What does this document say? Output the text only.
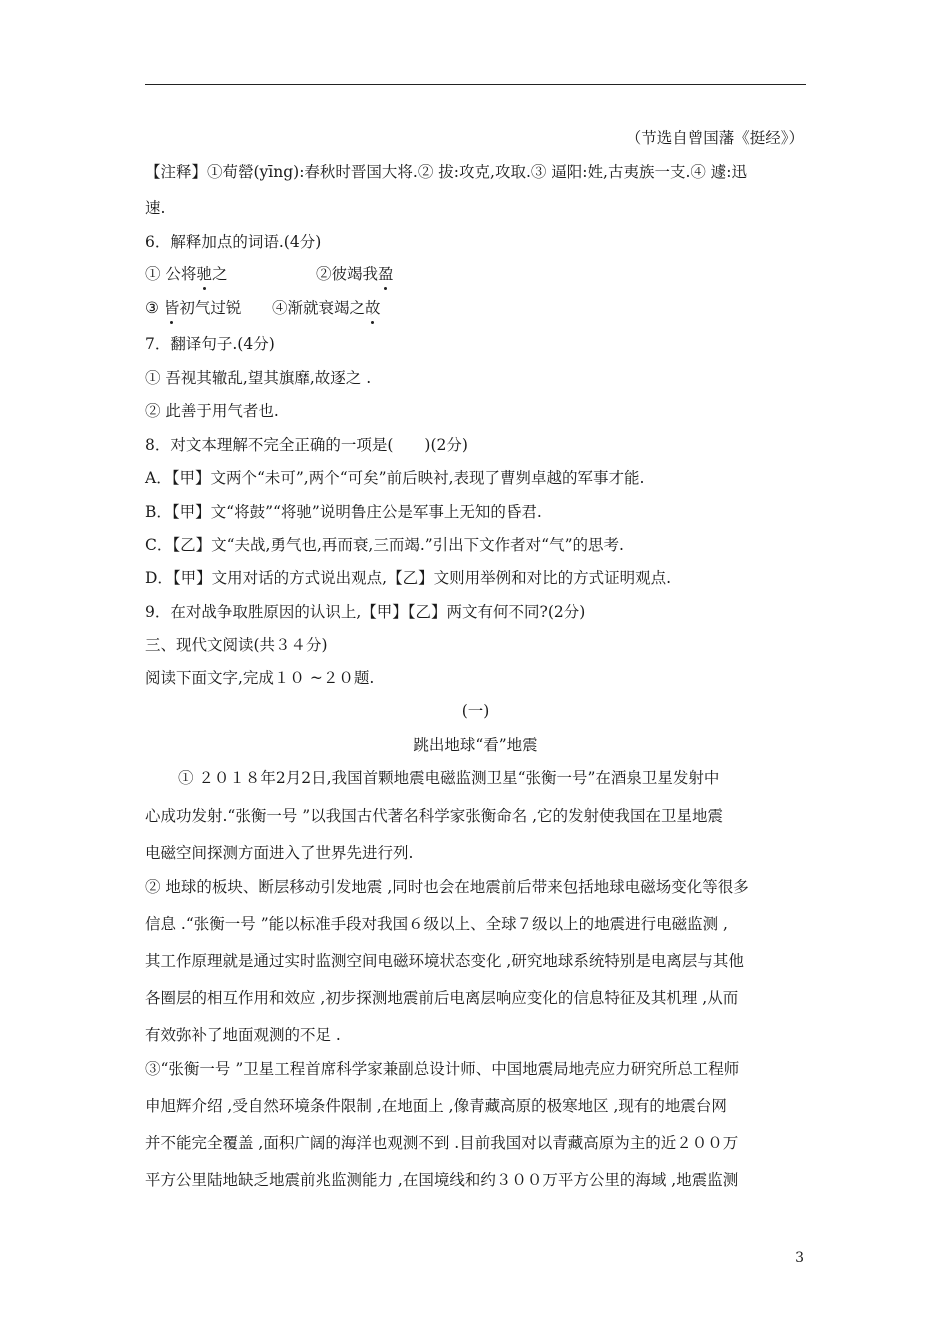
（节选自曾国藩《挺经》）
【注释】①荀罃(yīng):春秋时晋国大将.② 拔:攻克,攻取.③ 逼阳:姓,古夷族一支.④ 遽:迅
速.
6．解释加点的词语.(4分)
① 公将驰之	②彼竭我盈
③ 皆初气过锐 ④渐就衰竭之故
7．翻译句子.(4分)
① 吾视其辙乱,望其旗靡,故逐之 .
② 此善于用气者也.
8．对文本理解不完全正确的一项是(　　)(2分)
A．【甲】文两个“未可”,两个“可矣”前后映衬,表现了曹刿卓越的军事才能.
B．【甲】文“将鼓”“将驰”说明鲁庄公是军事上无知的昏君.
C．【乙】文“夫战,勇气也,再而衰,三而竭.”引出下文作者对“气”的思考.
D．【甲】文用对话的方式说出观点,【乙】文则用举例和对比的方式证明观点.
9．在对战争取胜原因的认识上,【甲】【乙】两文有何不同?(2分)
三、现代文阅读(共３４分)
阅读下面文字,完成１０ ~２０题.
(一)
跳出地球“看”地震
① ２０１８年2月2日,我国首颗地震电磁监测卫星“张衡一号”在酒泉卫星发射中
心成功发射.“张衡一号 ”以我国古代著名科学家张衡命名 ,它的发射使我国在卫星地震
电磁空间探测方面进入了世界先进行列.
② 地球的板块、断层移动引发地震 ,同时也会在地震前后带来包括地球电磁场变化等很多
信息 .“张衡一号 ”能以标准手段对我国６级以上、全球７级以上的地震进行电磁监测 ,
其工作原理就是通过实时监测空间电磁环境状态变化 ,研究地球系统特别是电离层与其他
各圈层的相互作用和效应 ,初步探测地震前后电离层响应变化的信息特征及其机理 ,从而
有效弥补了地面观测的不足 .
③“张衡一号 ”卫星工程首席科学家兼副总设计师、中国地震局地壳应力研究所总工程师
申旭辉介绍 ,受自然环境条件限制 ,在地面上 ,像青藏高原的极寒地区 ,现有的地震台网
并不能完全覆盖 ,面积广阔的海洋也观测不到 .目前我国对以青藏高原为主的近２００万
平方公里陆地缺乏地震前兆监测能力 ,在国境线和约３００万平方公里的海域 ,地震监测
3
